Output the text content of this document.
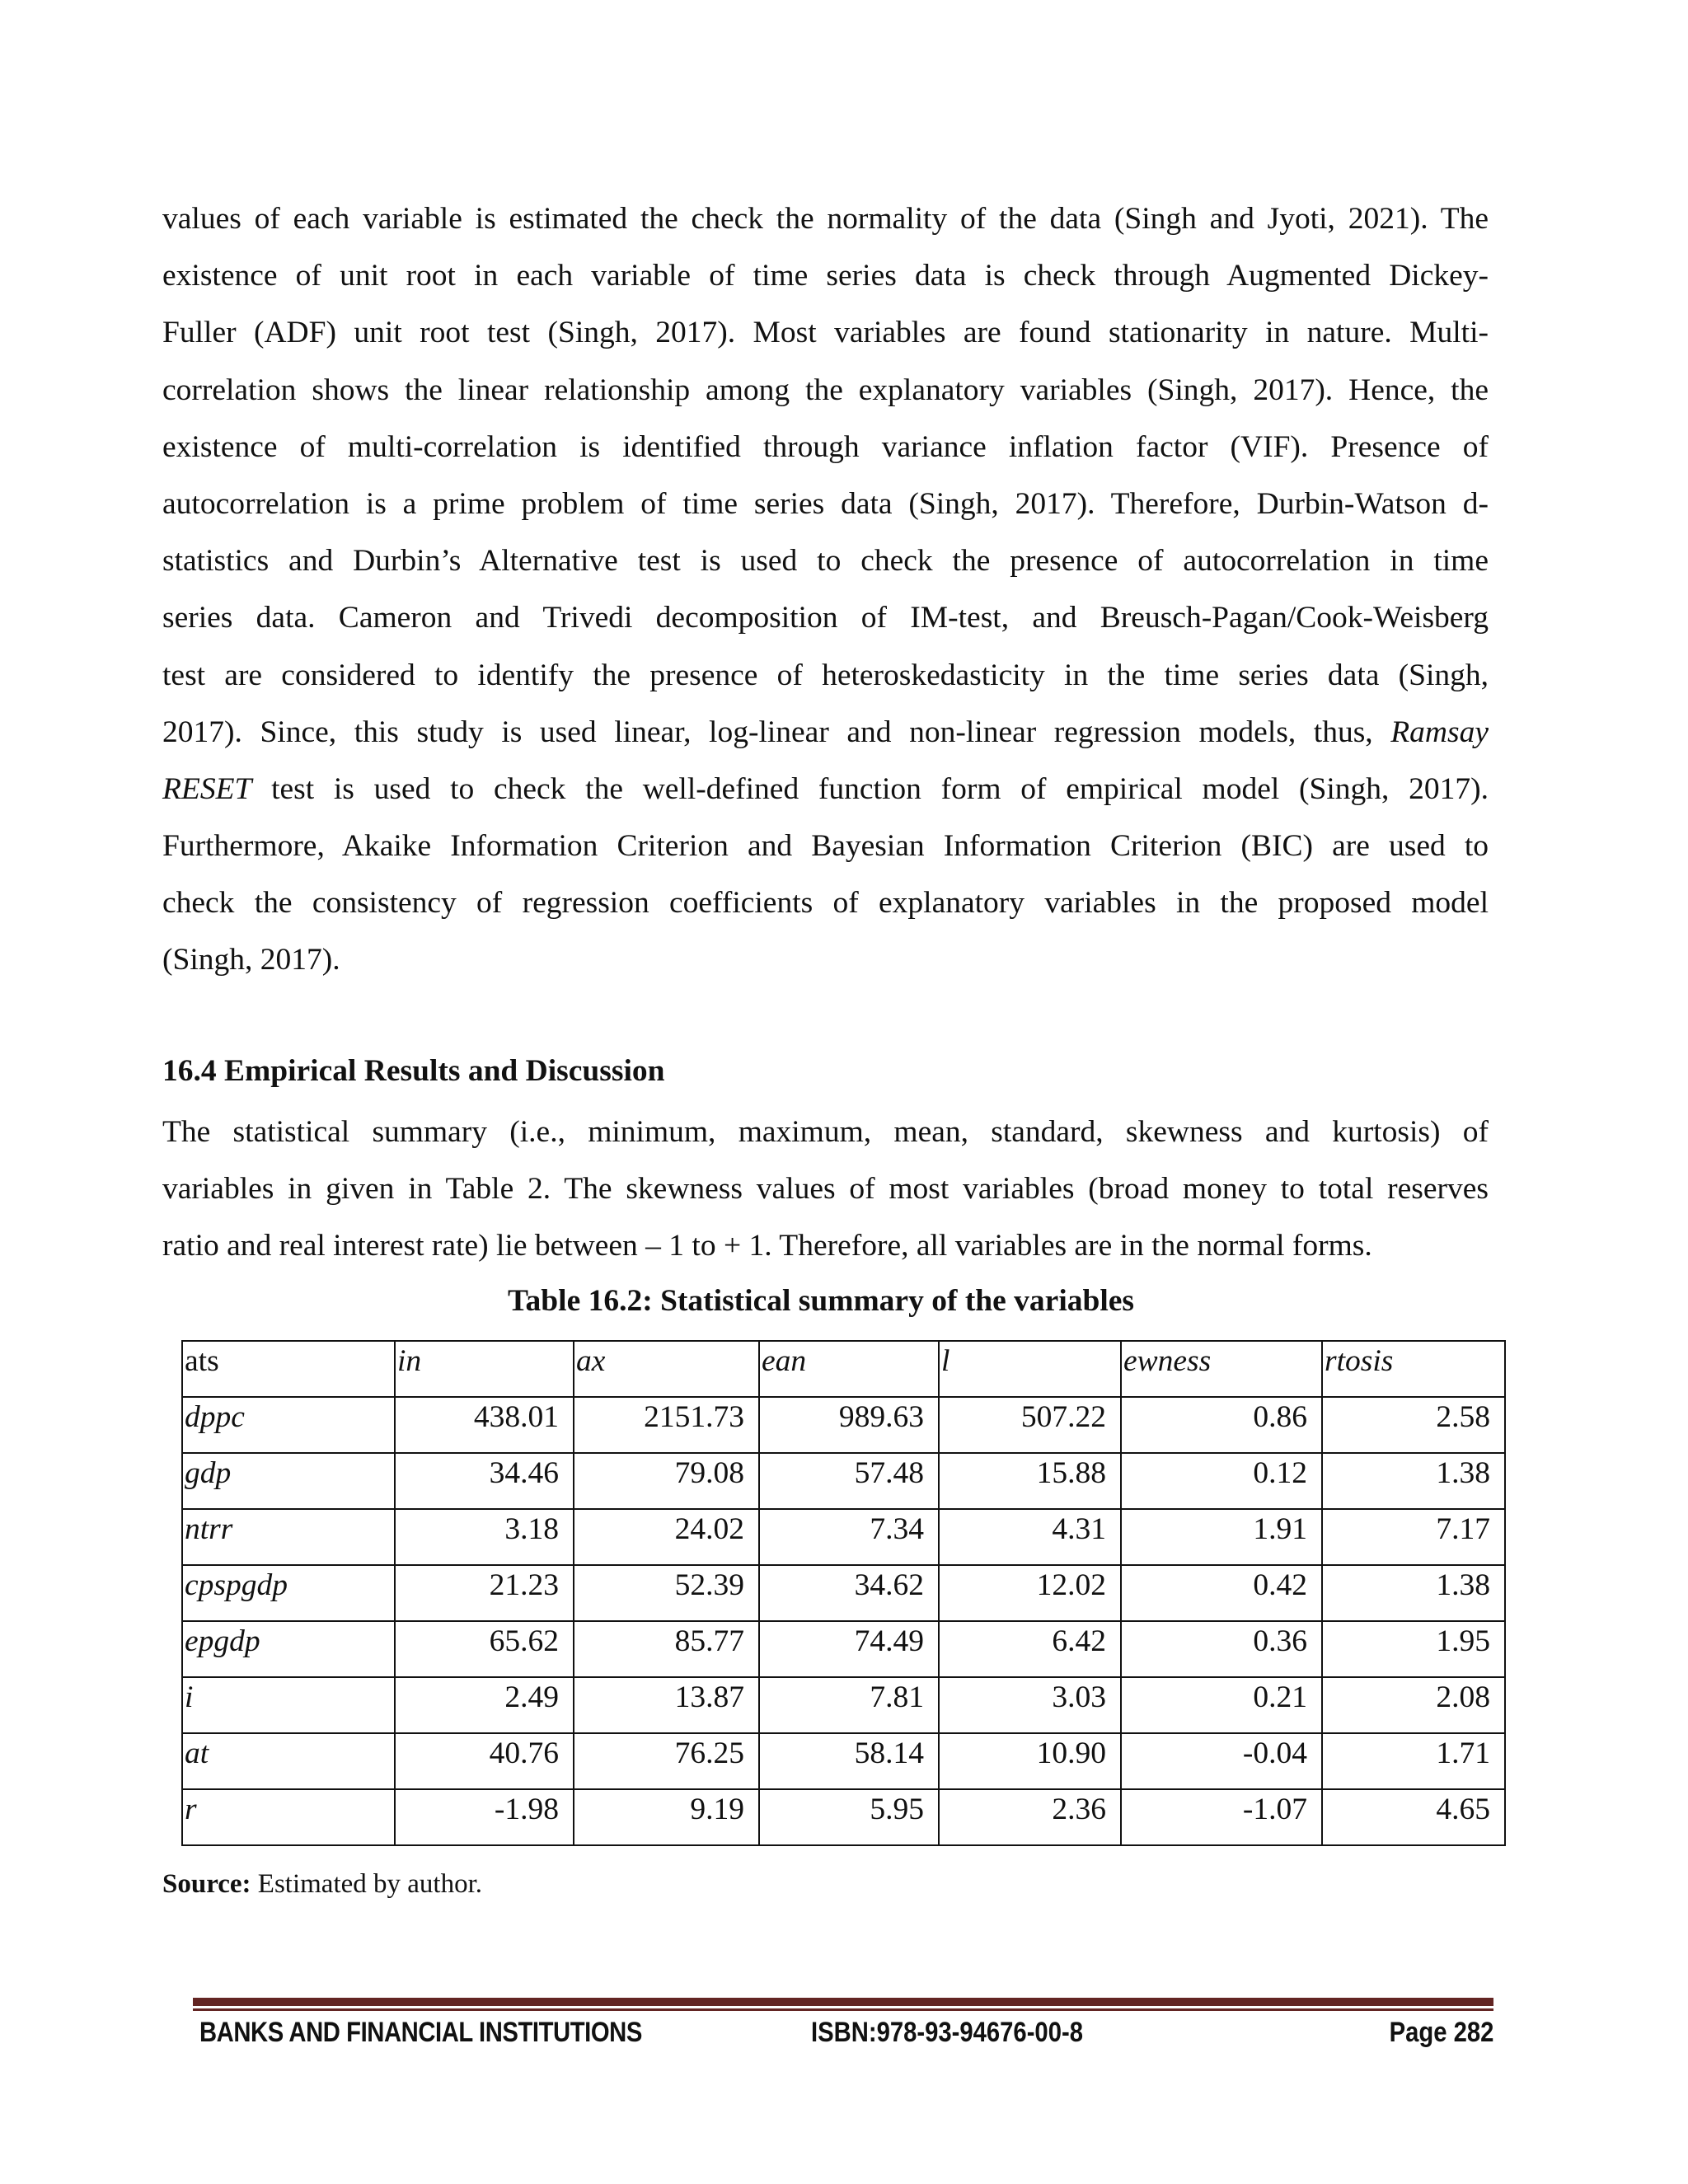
values of each variable is estimated the check the normality of the data (Singh and Jyoti, 2021). The
existence of unit root in each variable of time series data is check through Augmented Dickey-
Fuller (ADF) unit root test (Singh, 2017). Most variables are found stationarity in nature. Multi-
correlation shows the linear relationship among the explanatory variables (Singh, 2017). Hence, the
existence of multi-correlation is identified through variance inflation factor (VIF). Presence of
autocorrelation is a prime problem of time series data (Singh, 2017). Therefore, Durbin-Watson d-
statistics and Durbin’s Alternative test is used to check the presence of autocorrelation in time
series data. Cameron and Trivedi decomposition of IM-test, and Breusch-Pagan/Cook-Weisberg
test are considered to identify the presence of heteroskedasticity in the time series data (Singh,
2017). Since, this study is used linear, log-linear and non-linear regression models, thus, Ramsay
RESET test is used to check the well-defined function form of empirical model (Singh, 2017).
Furthermore, Akaike Information Criterion and Bayesian Information Criterion (BIC) are used to
check the consistency of regression coefficients of explanatory variables in the proposed model
(Singh, 2017).
16.4 Empirical Results and Discussion
The statistical summary (i.e., minimum, maximum, mean, standard, skewness and kurtosis) of
variables in given in Table 2. The skewness values of most variables (broad money to total reserves
ratio and real interest rate) lie between – 1 to + 1. Therefore, all variables are in the normal forms.

Table 16.2: Statistical summary of the variables

ats	in	ax	ean	l	ewness	rtosis
dppc	438.01	2151.73	989.63	507.22	0.86	2.58
gdp	34.46	79.08	57.48	15.88	0.12	1.38
ntrr	3.18	24.02	7.34	4.31	1.91	7.17
cpspgdp	21.23	52.39	34.62	12.02	0.42	1.38
epgdp	65.62	85.77	74.49	6.42	0.36	1.95
i	2.49	13.87	7.81	3.03	0.21	2.08
at	40.76	76.25	58.14	10.90	-0.04	1.71
r	-1.98	9.19	5.95	2.36	-1.07	4.65

Source: Estimated by author.

BANKS AND FINANCIAL INSTITUTIONS	ISBN:978-93-94676-00-8	Page 282
